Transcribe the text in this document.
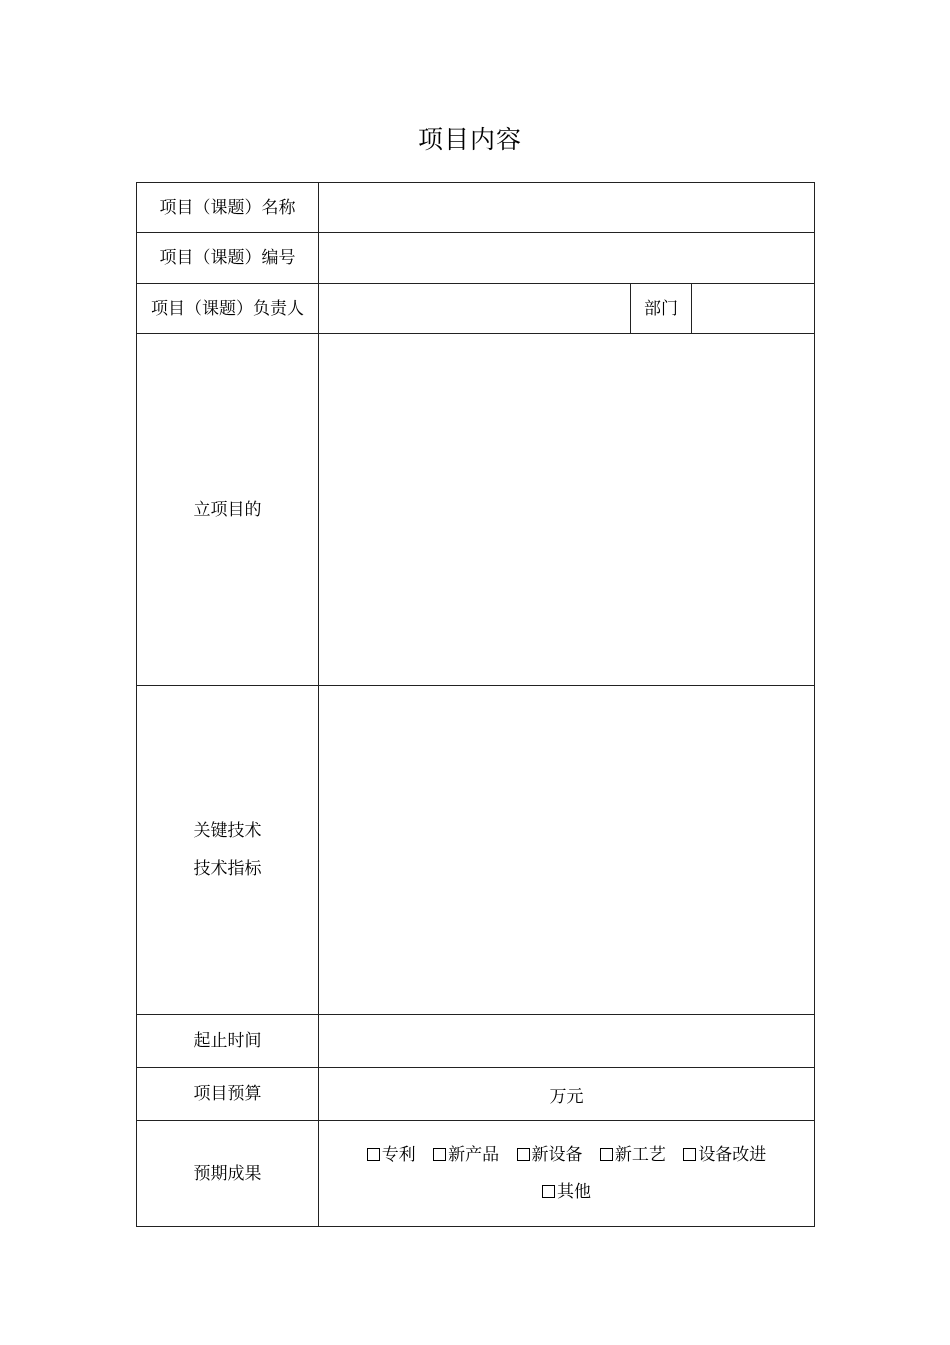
项目内容
项目（课题）名称			
项目（课题）编号			
项目（课题）负责人		部门	
立项目的			

关键技术
技术指标			

起止时间			
项目预算	万元		
预期成果	专利 新产品 新设备 新工艺 设备改进
其他		
